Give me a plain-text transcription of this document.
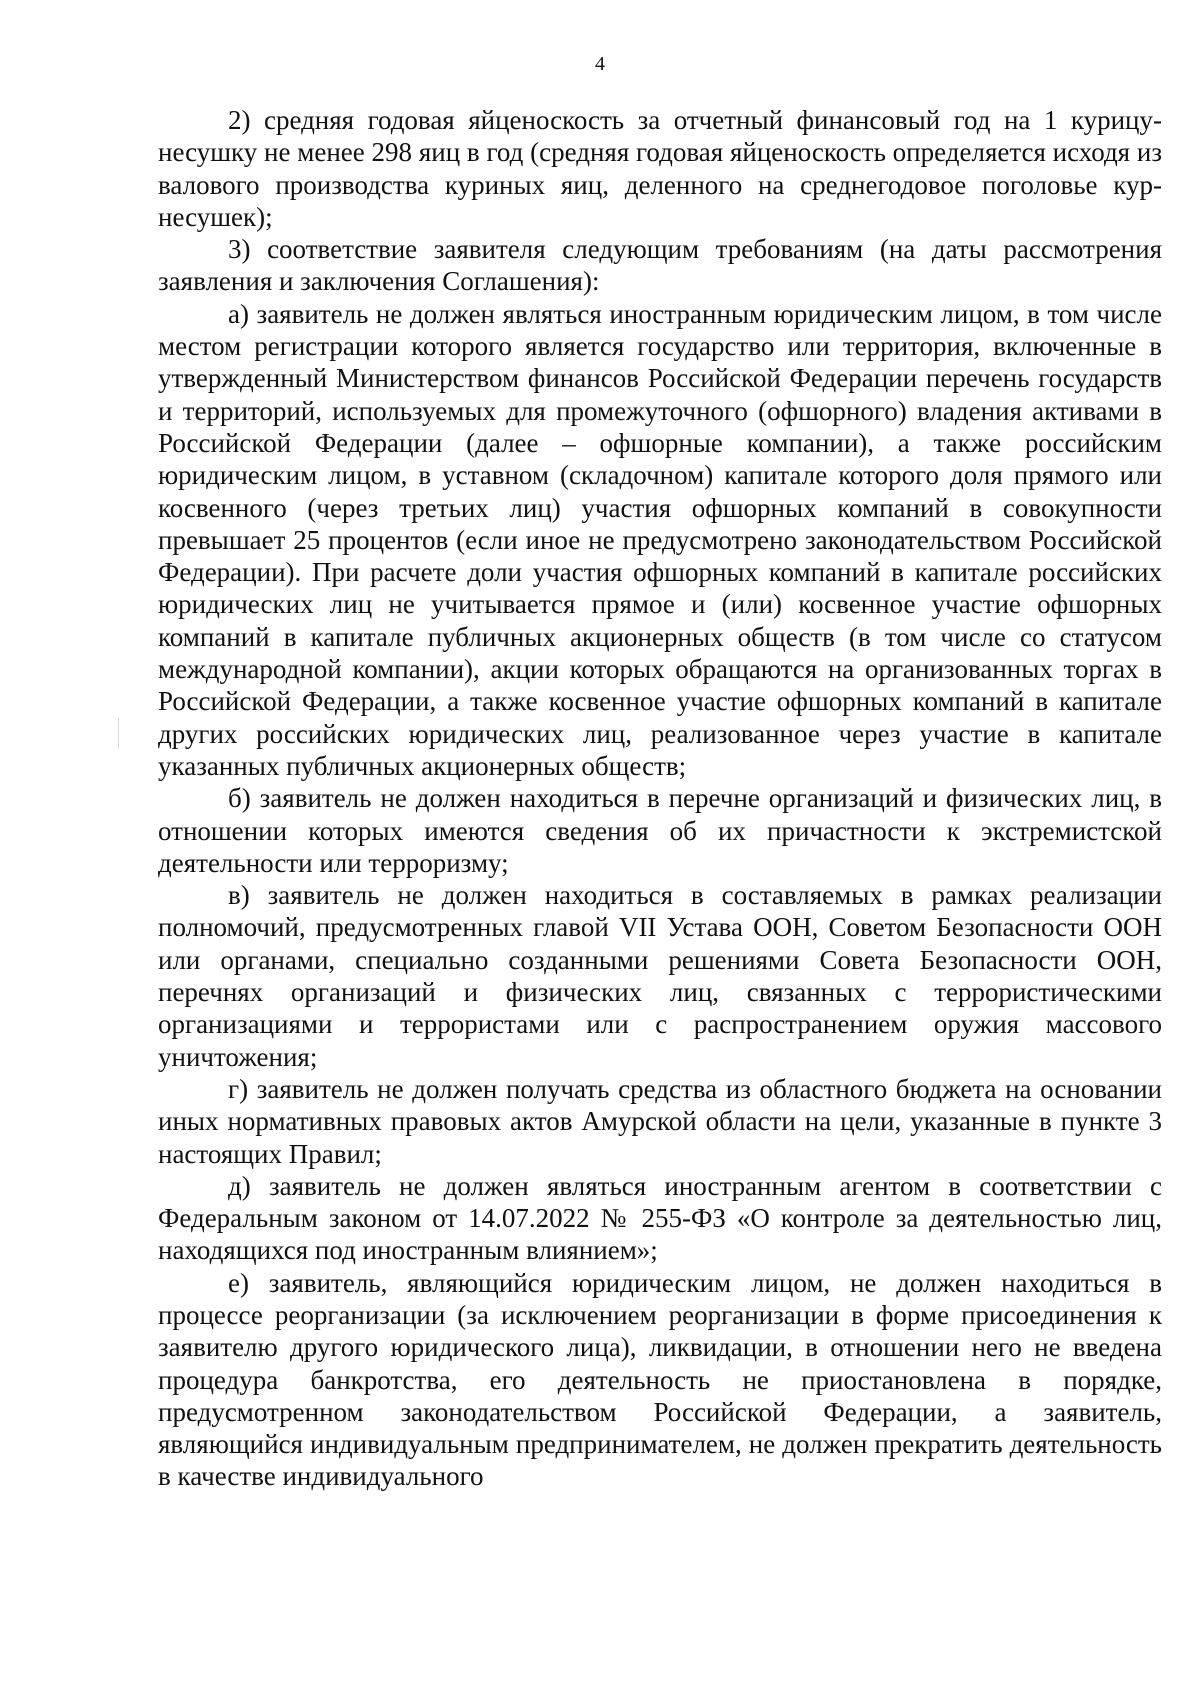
4

2) средняя годовая яйценоскость за отчетный финансовый год на 1 курицу-несушку не менее 298 яиц в год (средняя годовая яйценоскость определяется исходя из валового производства куриных яиц, деленного на среднегодовое поголовье кур-несушек);

3) соответствие заявителя следующим требованиям (на даты рассмотрения заявления и заключения Соглашения):

а) заявитель не должен являться иностранным юридическим лицом, в том числе местом регистрации которого является государство или территория, включенные в утвержденный Министерством финансов Российской Федерации перечень государств и территорий, используемых для промежуточного (офшорного) владения активами в Российской Федерации (далее – офшорные компании), а также российским юридическим лицом, в уставном (складочном) капитале которого доля прямого или косвенного (через третьих лиц) участия офшорных компаний в совокупности превышает 25 процентов (если иное не предусмотрено законодательством Российской Федерации). При расчете доли участия офшорных компаний в капитале российских юридических лиц не учитывается прямое и (или) косвенное участие офшорных компаний в капитале публичных акционерных обществ (в том числе со статусом международной компании), акции которых обращаются на организованных торгах в Российской Федерации, а также косвенное участие офшорных компаний в капитале других российских юридических лиц, реализованное через участие в капитале указанных публичных акционерных обществ;

б) заявитель не должен находиться в перечне организаций и физических лиц, в отношении которых имеются сведения об их причастности к экстремистской деятельности или терроризму;

в) заявитель не должен находиться в составляемых в рамках реализации полномочий, предусмотренных главой VII Устава ООН, Советом Безопасности ООН или органами, специально созданными решениями Совета Безопасности ООН, перечнях организаций и физических лиц, связанных с террористическими организациями и террористами или с распространением оружия массового уничтожения;

г) заявитель не должен получать средства из областного бюджета на основании иных нормативных правовых актов Амурской области на цели, указанные в пункте 3 настоящих Правил;

д) заявитель не должен являться иностранным агентом в соответствии с Федеральным законом от 14.07.2022 № 255-ФЗ «О контроле за деятельностью лиц, находящихся под иностранным влиянием»;

е) заявитель, являющийся юридическим лицом, не должен находиться в процессе реорганизации (за исключением реорганизации в форме присоединения к заявителю другого юридического лица), ликвидации, в отношении него не введена процедура банкротства, его деятельность не приостановлена в порядке, предусмотренном законодательством Российской Федерации, а заявитель, являющийся индивидуальным предпринимателем, не должен прекратить деятельность в качестве индивидуального
